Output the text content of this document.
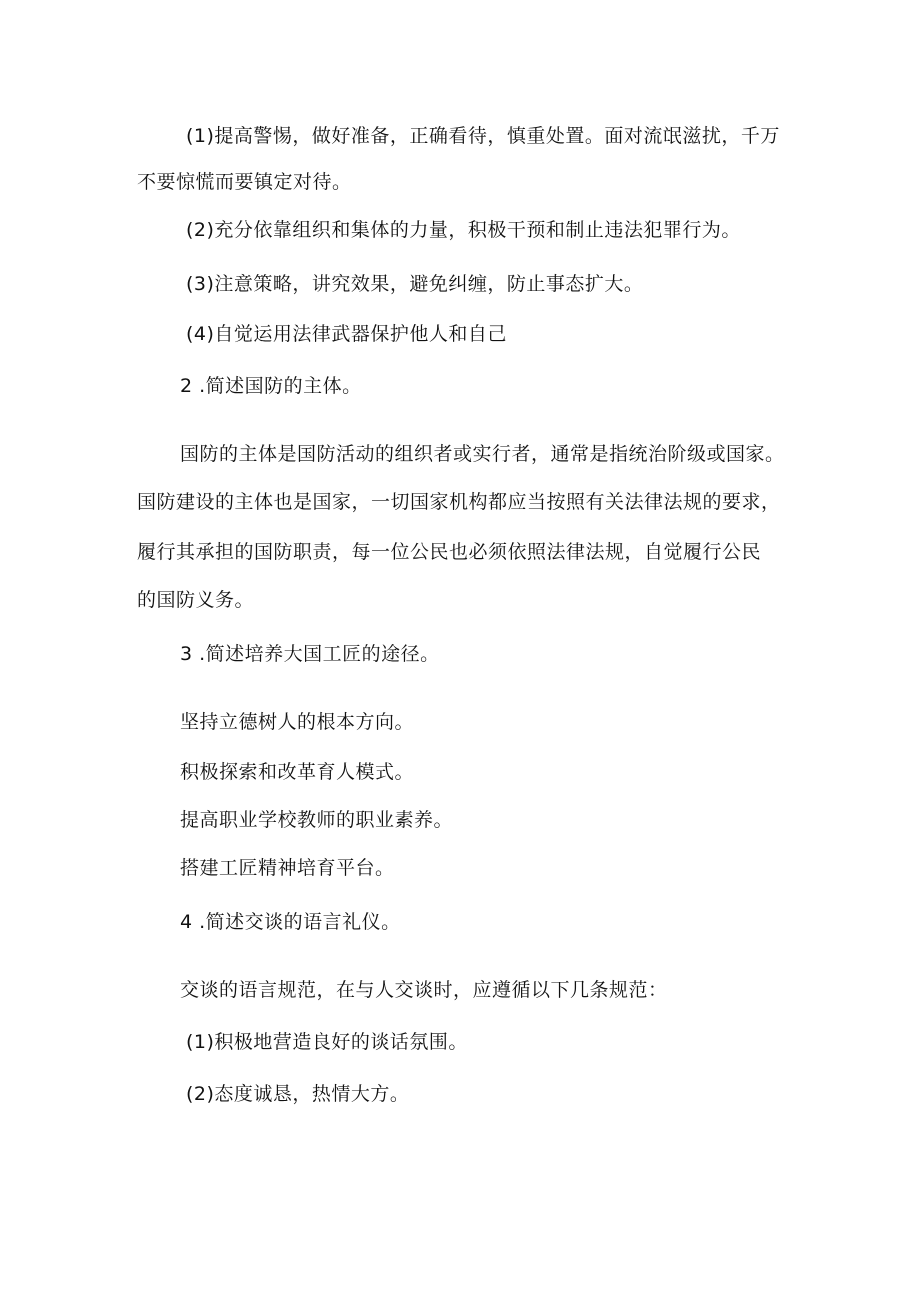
(1)提高警惕，做好准备，正确看待，慎重处置。面对流氓滋扰，千万
不要惊慌而要镇定对待。
(2)充分依靠组织和集体的力量，积极干预和制止违法犯罪行为。
(3)注意策略，讲究效果，避免纠缠，防止事态扩大。
(4)自觉运用法律武器保护他人和自己
2 .简述国防的主体。
国防的主体是国防活动的组织者或实行者，通常是指统治阶级或国家。
国防建设的主体也是国家，一切国家机构都应当按照有关法律法规的要求，
履行其承担的国防职责，每一位公民也必须依照法律法规，自觉履行公民
的国防义务。
3 .简述培养大国工匠的途径。
坚持立德树人的根本方向。
积极探索和改革育人模式。
提高职业学校教师的职业素养。
搭建工匠精神培育平台。
4 .简述交谈的语言礼仪。
交谈的语言规范，在与人交谈时，应遵循以下几条规范：
(1)积极地营造良好的谈话氛围。
(2)态度诚恳，热情大方。
